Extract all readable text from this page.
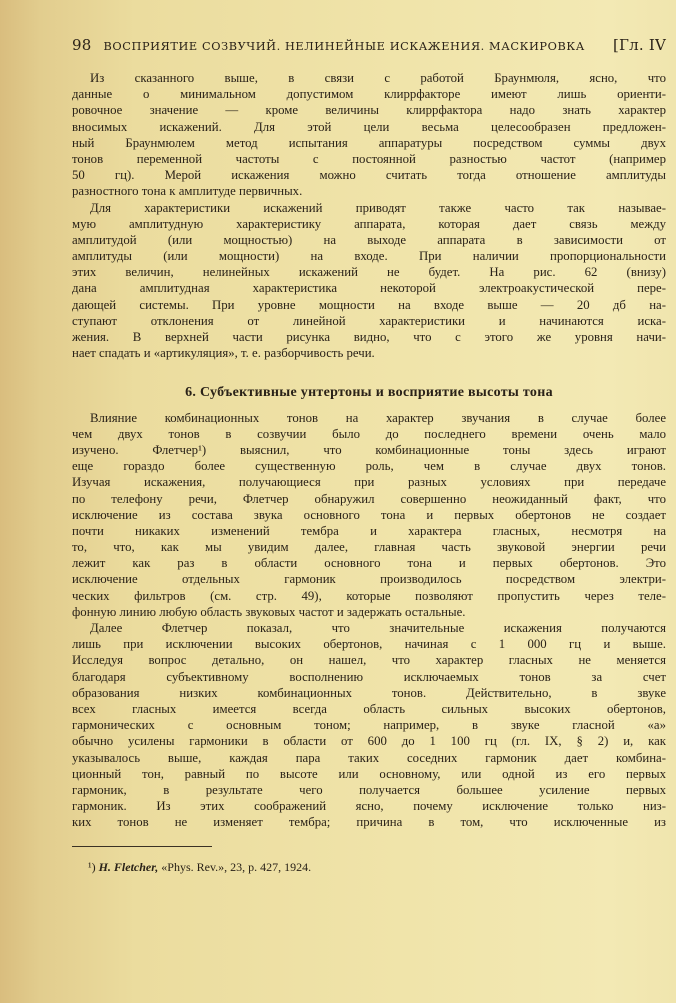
98 ВОСПРИЯТИЕ СОЗВУЧИЙ. НЕЛИНЕЙНЫЕ ИСКАЖЕНИЯ. МАСКИРОВКА	[Гл. IV
Из сказанного выше, в связи с работой Браунмюля, ясно, что
данные о минимальном допустимом клиррфакторе имеют лишь ориенти-
ровочное значение — кроме величины клиррфактора надо знать характер
вносимых искажений. Для этой цели весьма целесообразен предложен-
ный Браунмюлем метод испытания аппаратуры посредством суммы двух
тонов переменной частоты с постоянной разностью частот (например
50 гц). Мерой искажения можно считать тогда отношение амплитуды
разностного тона к амплитуде первичных.
Для характеристики искажений приводят также часто так называе-
мую амплитудную характеристику аппарата, которая дает связь между
амплитудой (или мощностью) на выходе аппарата в зависимости от
амплитуды (или мощности) на входе. При наличии пропорциональности
этих величин, нелинейных искажений не будет. На рис. 62 (внизу)
дана амплитудная характеристика некоторой электроакустической пере-
дающей системы. При уровне мощности на входе выше — 20 дб на-
ступают отклонения от линейной характеристики и начинаются иска-
жения. В верхней части рисунка видно, что с этого же уровня начи-
нает спадать и «артикуляция», т. е. разборчивость речи.
6. Субъективные унтертоны и восприятие высоты тона
Влияние комбинационных тонов на характер звучания в случае более
чем двух тонов в созвучии было до последнего времени очень мало
изучено. Флетчер¹) выяснил, что комбинационные тоны здесь играют
еще гораздо более существенную роль, чем в случае двух тонов.
Изучая искажения, получающиеся при разных условиях при передаче
по телефону речи, Флетчер обнаружил совершенно неожиданный факт, что
исключение из состава звука основного тона и первых обертонов не создает
почти никаких изменений тембра и характера гласных, несмотря на
то, что, как мы увидим далее, главная часть звуковой энергии речи
лежит как раз в области основного тона и первых обертонов. Это
исключение отдельных гармоник производилось посредством электри-
ческих фильтров (см. стр. 49), которые позволяют пропустить через теле-
фонную линию любую область звуковых частот и задержать остальные.
Далее Флетчер показал, что значительные искажения получаются
лишь при исключении высоких обертонов, начиная с 1 000 гц и выше.
Исследуя вопрос детально, он нашел, что характер гласных не меняется
благодаря субъективному восполнению исключаемых тонов за счет
образования низких комбинационных тонов. Действительно, в звуке
всех гласных имеется всегда область сильных высоких обертонов,
гармонических с основным тоном; например, в звуке гласной «а»
обычно усилены гармоники в области от 600 до 1 100 гц (гл. IX, § 2) и, как
указывалось выше, каждая пара таких соседних гармоник дает комбина-
ционный тон, равный по высоте или основному, или одной из его первых
гармоник, в результате чего получается большее усиление первых
гармоник. Из этих соображений ясно, почему исключение только низ-
ких тонов не изменяет тембра; причина в том, что исключенные из
¹) H. Fletcher, «Phys. Rev.», 23, p. 427, 1924.
